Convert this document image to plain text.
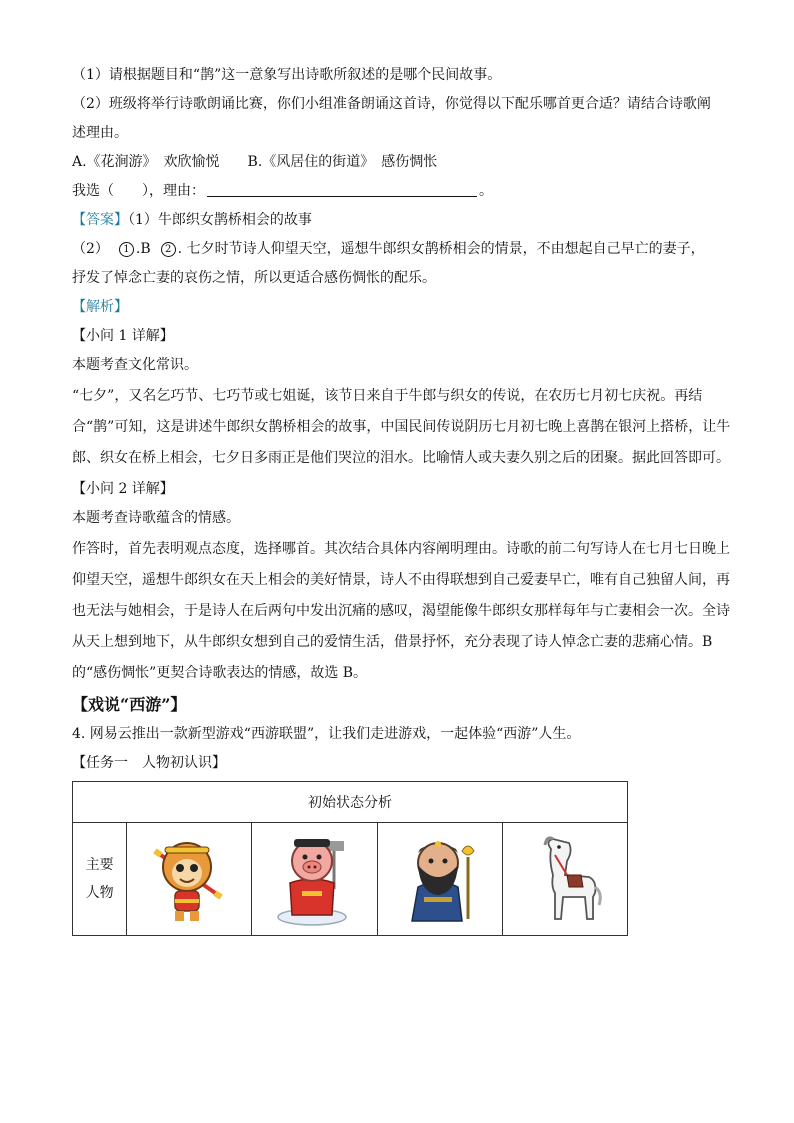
（1）请根据题目和“鹊”这一意象写出诗歌所叙述的是哪个民间故事。

（2）班级将举行诗歌朗诵比赛，你们小组准备朗诵这首诗，你觉得以下配乐哪首更合适？请结合诗歌阐

述理由。

A.《花涧游》　欢欣愉悦　　B.《风居住的街道》　感伤惆怅

我选（　　），理由：	。

【答案】（1）牛郎织女鹊桥相会的故事

（2） 1 .B 2 . 七夕时节诗人仰望天空，遥想牛郎织女鹊桥相会的情景，不由想起自己早亡的妻子，

抒发了悼念亡妻的哀伤之情，所以更适合感伤惆怅的配乐。

【解析】

【小问 1 详解】

本题考查文化常识。

“七夕”，又名乞巧节、七巧节或七姐诞，该节日来自于牛郎与织女的传说，在农历七月初七庆祝。再结合“鹊”可知，这是讲述牛郎织女鹊桥相会的故事，中国民间传说阴历七月初七晚上喜鹊在银河上搭桥，让牛郎、织女在桥上相会，七夕日多雨正是他们哭泣的泪水。比喻情人或夫妻久别之后的团聚。据此回答即可。

【小问 2 详解】

本题考查诗歌蕴含的情感。

作答时，首先表明观点态度，选择哪首。其次结合具体内容阐明理由。诗歌的前二句写诗人在七月七日晚上仰望天空，遥想牛郎织女在天上相会的美好情景，诗人不由得联想到自己爱妻早亡，唯有自己独留人间，再也无法与她相会，于是诗人在后两句中发出沉痛的感叹，渴望能像牛郎织女那样每年与亡妻相会一次。全诗从天上想到地下，从牛郎织女想到自己的爱情生活，借景抒怀，充分表现了诗人悼念亡妻的悲痛心情。B 的“感伤惆怅”更契合诗歌表达的情感，故选 B。

【戏说“西游”】

4. 网易云推出一款新型游戏“西游联盟”，让我们走进游戏，一起体验“西游”人生。

【任务一　人物初认识】

初始状态分析
主要
人物				
